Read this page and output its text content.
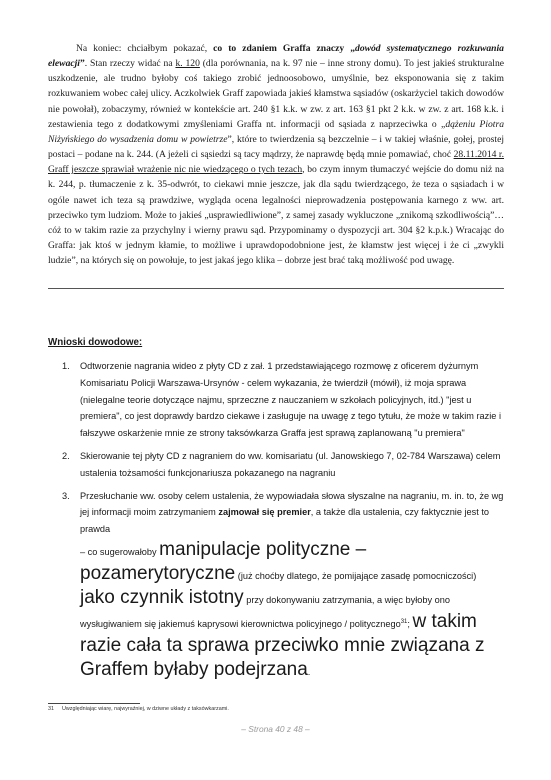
Na koniec: chciałbym pokazać, co to zdaniem Graffa znaczy „dowód systematycznego rozkuwania elewacji”. Stan rzeczy widać na k. 120 (dla porównania, na k. 97 nie – inne strony domu). To jest jakieś strukturalne uszkodzenie, ale trudno byłoby coś takiego zrobić jednoosobowo, umyślnie, bez eksponowania się z takim rozkuwaniem wobec całej ulicy. Aczkolwiek Graff zapowiada jakieś kłamstwa sąsiadów (oskarżyciel takich dowodów nie powołał), zobaczymy, również w kontekście art. 240 §1 k.k. w zw. z art. 163 §1 pkt 2 k.k. w zw. z art. 168 k.k. i zestawienia tego z dodatkowymi zmyśleniami Graffa nt. informacji od sąsiada z naprzeciwka o „dążeniu Piotra Niżyńskiego do wysadzenia domu w powietrze”, które to twierdzenia są bezczelnie – i w takiej właśnie, gołej, prostej postaci – podane na k. 244. (A jeżeli ci sąsiedzi są tacy mądrzy, że naprawdę będą mnie pomawiać, choć 28.11.2014 r. Graff jeszcze sprawiał wrażenie nic nie wiedzącego o tych tezach, bo czym innym tłumaczyć wejście do domu niż na k. 244, p. tłumaczenie z k. 35-odwrót, to ciekawi mnie jeszcze, jak dla sądu twierdzącego, że teza o sąsiadach i w ogóle nawet ich teza są prawdziwe, wygląda ocena legalności nieprowadzenia postępowania karnego z ww. art. przeciwko tym ludziom. Może to jakieś „usprawiedliwione”, z samej zasady wykluczone „znikomą szkodliwością”… cóż to w takim razie za przychylny i wierny prawu sąd. Przypominamy o dyspozycji art. 304 §2 k.p.k.) Wracając do Graffa: jak ktoś w jednym kłamie, to możliwe i uprawdopodobnione jest, że kłamstw jest więcej i że ci „zwykli ludzie”, na których się on powołuje, to jest jakaś jego klika – dobrze jest brać taką możliwość pod uwagę.

Wnioski dowodowe:
1. Odtworzenie nagrania wideo z płyty CD z zał. 1 przedstawiającego rozmowę z oficerem dyżurnym Komisariatu Policji Warszawa-Ursynów - celem wykazania, że twierdził (mówił), iż moja sprawa (nielegalne teorie dotyczące najmu, sprzeczne z nauczaniem w szkołach policyjnych, itd.) "jest u premiera", co jest doprawdy bardzo ciekawe i zasługuje na uwagę z tego tytułu, że może w takim razie i fałszywe oskarżenie mnie ze strony taksówkarza Graffa jest sprawą zaplanowaną "u premiera"
2. Skierowanie tej płyty CD z nagraniem do ww. komisariatu (ul. Janowskiego 7, 02-784 Warszawa) celem ustalenia tożsamości funkcjonariusza pokazanego na nagraniu
3. Przesłuchanie ww. osoby celem ustalenia, że wypowiadała słowa słyszalne na nagraniu, m. in. to, że wg jej informacji moim zatrzymaniem zajmował się premier, a także dla ustalenia, czy faktycznie jest to prawda
– co sugerowałoby manipulacje polityczne – pozamerytoryczne (już choćby dlatego, że pomijające zasadę pomocniczości) jako czynnik istotny przy dokonywaniu zatrzymania, a więc byłoby ono wysługiwaniem się jakiemuś kaprysowi kierownictwa policyjnego / politycznego$^{31}$; w takim razie cała ta sprawa przeciwko mnie związana z Graffem byłaby podejrzana.
31 Uwzględniając wiarę, najwyraźniej, w dziwne układy z taksówkarzami.
– Strona 40 z 48 –
